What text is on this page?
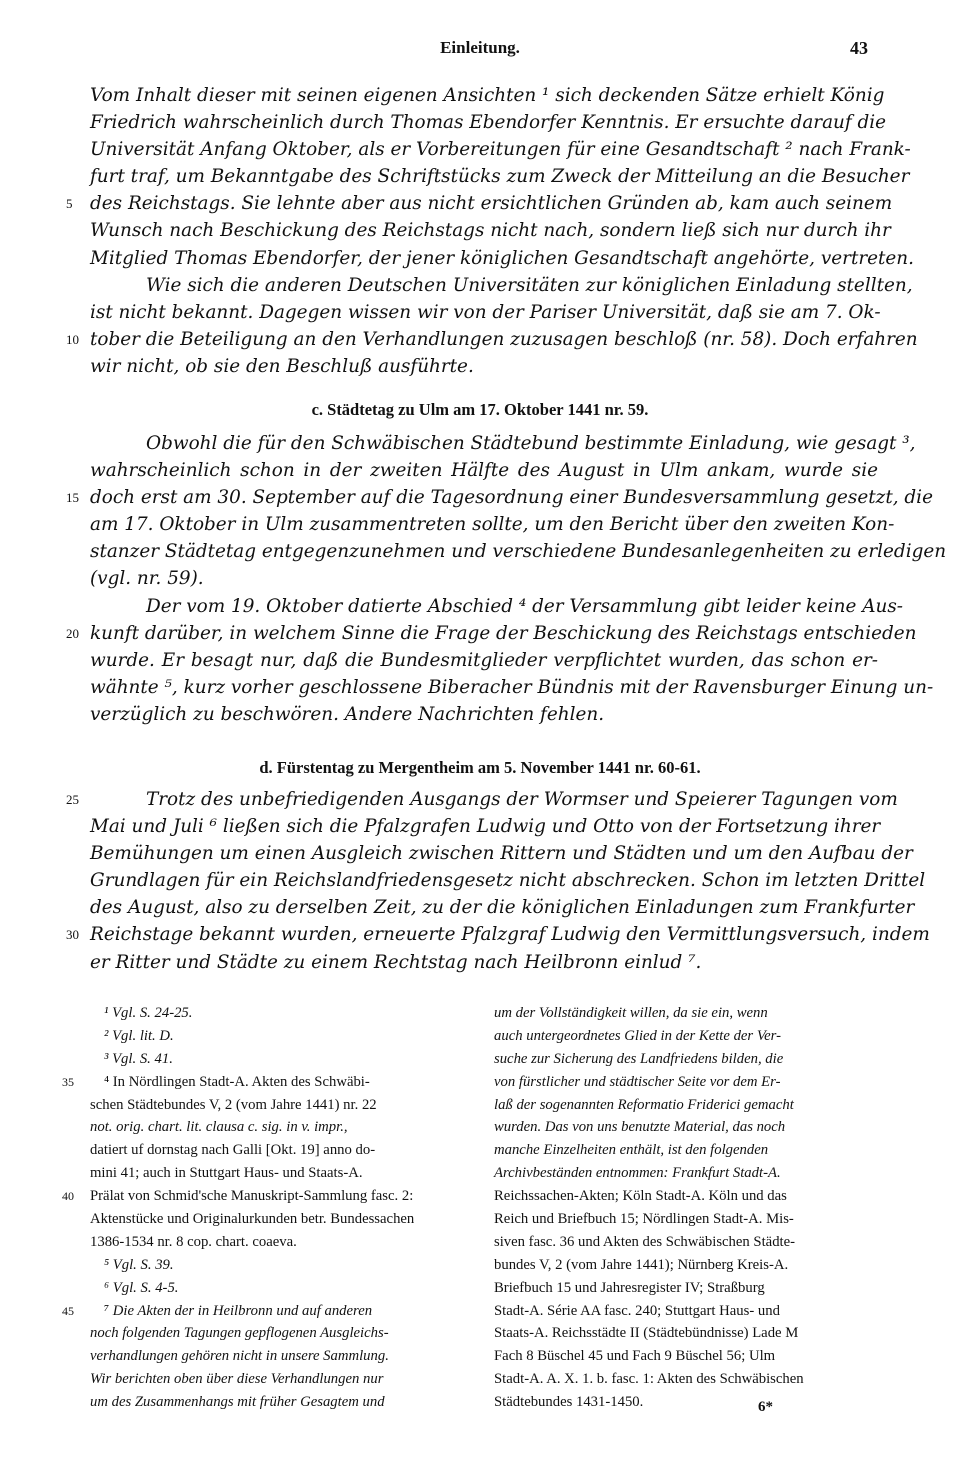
Einleitung.	43
Vom Inhalt dieser mit seinen eigenen Ansichten ¹ sich deckenden Sätze erhielt König
Friedrich wahrscheinlich durch Thomas Ebendorfer Kenntnis. Er ersuchte darauf die
Universität Anfang Oktober, als er Vorbereitungen für eine Gesandtschaft ² nach Frank-
furt traf, um Bekanntgabe des Schriftstücks zum Zweck der Mitteilung an die Besucher
des Reichstags. Sie lehnte aber aus nicht ersichtlichen Gründen ab, kam auch seinem
5
Wunsch nach Beschickung des Reichstags nicht nach, sondern ließ sich nur durch ihr
Mitglied Thomas Ebendorfer, der jener königlichen Gesandtschaft angehörte, vertreten.
Wie sich die anderen Deutschen Universitäten zur königlichen Einladung stellten,
ist nicht bekannt. Dagegen wissen wir von der Pariser Universität, daß sie am 7. Ok-
tober die Beteiligung an den Verhandlungen zuzusagen beschloß (nr. 58). Doch erfahren
10
wir nicht, ob sie den Beschluß ausführte.
c. Städtetag zu Ulm am 17. Oktober 1441 nr. 59.
Obwohl die für den Schwäbischen Städtebund bestimmte Einladung, wie gesagt ³,
wahrscheinlich schon in der zweiten Hälfte des August in Ulm ankam, wurde sie
doch erst am 30. September auf die Tagesordnung einer Bundesversammlung gesetzt, die
15
am 17. Oktober in Ulm zusammentreten sollte, um den Bericht über den zweiten Kon-
stanzer Städtetag entgegenzunehmen und verschiedene Bundesanlegenheiten zu erledigen
(vgl. nr. 59).
Der vom 19. Oktober datierte Abschied ⁴ der Versammlung gibt leider keine Aus-
kunft darüber, in welchem Sinne die Frage der Beschickung des Reichstags entschieden
20
wurde. Er besagt nur, daß die Bundesmitglieder verpflichtet wurden, das schon er-
wähnte ⁵, kurz vorher geschlossene Biberacher Bündnis mit der Ravensburger Einung un-
verzüglich zu beschwören. Andere Nachrichten fehlen.
d. Fürstentag zu Mergentheim am 5. November 1441 nr. 60-61.
Trotz des unbefriedigenden Ausgangs der Wormser und Speierer Tagungen vom
25
Mai und Juli ⁶ ließen sich die Pfalzgrafen Ludwig und Otto von der Fortsetzung ihrer
Bemühungen um einen Ausgleich zwischen Rittern und Städten und um den Aufbau der
Grundlagen für ein Reichslandfriedensgesetz nicht abschrecken. Schon im letzten Drittel
des August, also zu derselben Zeit, zu der die königlichen Einladungen zum Frankfurter
Reichstage bekannt wurden, erneuerte Pfalzgraf Ludwig den Vermittlungsversuch, indem
30
er Ritter und Städte zu einem Rechtstag nach Heilbronn einlud ⁷.
¹ Vgl. S. 24-25.
² Vgl. lit. D.
³ Vgl. S. 41.
⁴ In Nördlingen Stadt-A. Akten des Schwäbi-
35
schen Städtebundes V, 2 (vom Jahre 1441) nr. 22
not. orig. chart. lit. clausa c. sig. in v. impr.,
datiert uf dornstag nach Galli [Okt. 19] anno do-
mini 41; auch in Stuttgart Haus- und Staats-A.
Prälat von Schmid'sche Manuskript-Sammlung fasc. 2:
40
Aktenstücke und Originalurkunden betr. Bundessachen
1386-1534 nr. 8 cop. chart. coaeva.
⁵ Vgl. S. 39.
⁶ Vgl. S. 4-5.
⁷ Die Akten der in Heilbronn und auf anderen
45
noch folgenden Tagungen gepflogenen Ausgleichs-
verhandlungen gehören nicht in unsere Sammlung.
Wir berichten oben über diese Verhandlungen nur
um des Zusammenhangs mit früher Gesagtem und
um der Vollständigkeit willen, da sie ein, wenn
auch untergeordnetes Glied in der Kette der Ver-
suche zur Sicherung des Landfriedens bilden, die
von fürstlicher und städtischer Seite vor dem Er-
laß der sogenannten Reformatio Friderici gemacht
wurden. Das von uns benutzte Material, das noch
manche Einzelheiten enthält, ist den folgenden
Archivbeständen entnommen: Frankfurt Stadt-A.
Reichssachen-Akten; Köln Stadt-A. Köln und das
Reich und Briefbuch 15; Nördlingen Stadt-A. Mis-
siven fasc. 36 und Akten des Schwäbischen Städte-
bundes V, 2 (vom Jahre 1441); Nürnberg Kreis-A.
Briefbuch 15 und Jahresregister IV; Straßburg
Stadt-A. Série AA fasc. 240; Stuttgart Haus- und
Staats-A. Reichsstädte II (Städtebündnisse) Lade M
Fach 8 Büschel 45 und Fach 9 Büschel 56; Ulm
Stadt-A. A. X. 1. b. fasc. 1: Akten des Schwäbischen
Städtebundes 1431-1450.	6*
